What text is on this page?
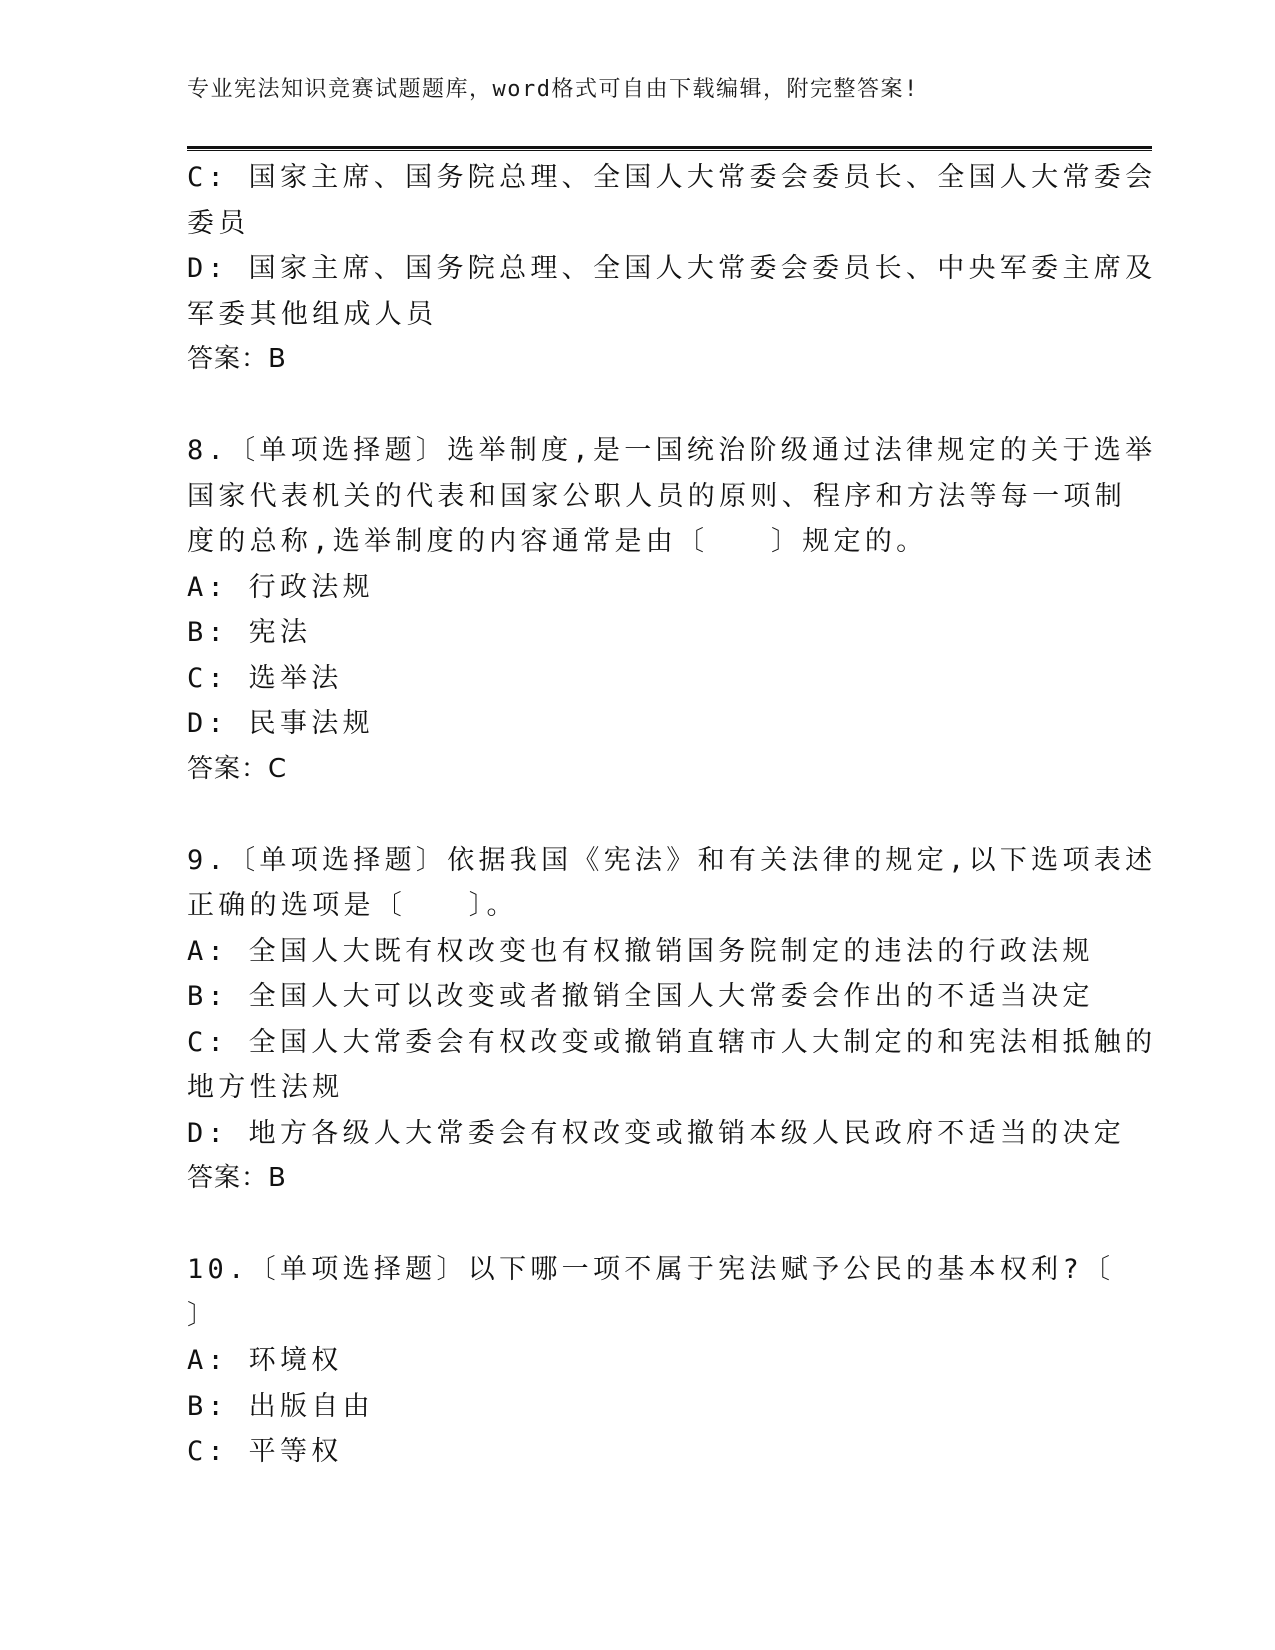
专业宪法知识竞赛试题题库，word格式可自由下载编辑，附完整答案!
C: 国家主席、国务院总理、全国人大常委会委员长、全国人大常委会
委员
D: 国家主席、国务院总理、全国人大常委会委员长、中央军委主席及
军委其他组成人员
答案：B
8.〔单项选择题〕选举制度,是一国统治阶级通过法律规定的关于选举
国家代表机关的代表和国家公职人员的原则、程序和方法等每一项制
度的总称,选举制度的内容通常是由〔　　〕规定的。
A: 行政法规
B: 宪法
C: 选举法
D: 民事法规
答案：C
9.〔单项选择题〕依据我国《宪法》和有关法律的规定,以下选项表述
正确的选项是〔　　〕。
A: 全国人大既有权改变也有权撤销国务院制定的违法的行政法规
B: 全国人大可以改变或者撤销全国人大常委会作出的不适当决定
C: 全国人大常委会有权改变或撤销直辖市人大制定的和宪法相抵触的
地方性法规
D: 地方各级人大常委会有权改变或撤销本级人民政府不适当的决定
答案：B
10.〔单项选择题〕以下哪一项不属于宪法赋予公民的基本权利?〔
〕
A: 环境权
B: 出版自由
C: 平等权
